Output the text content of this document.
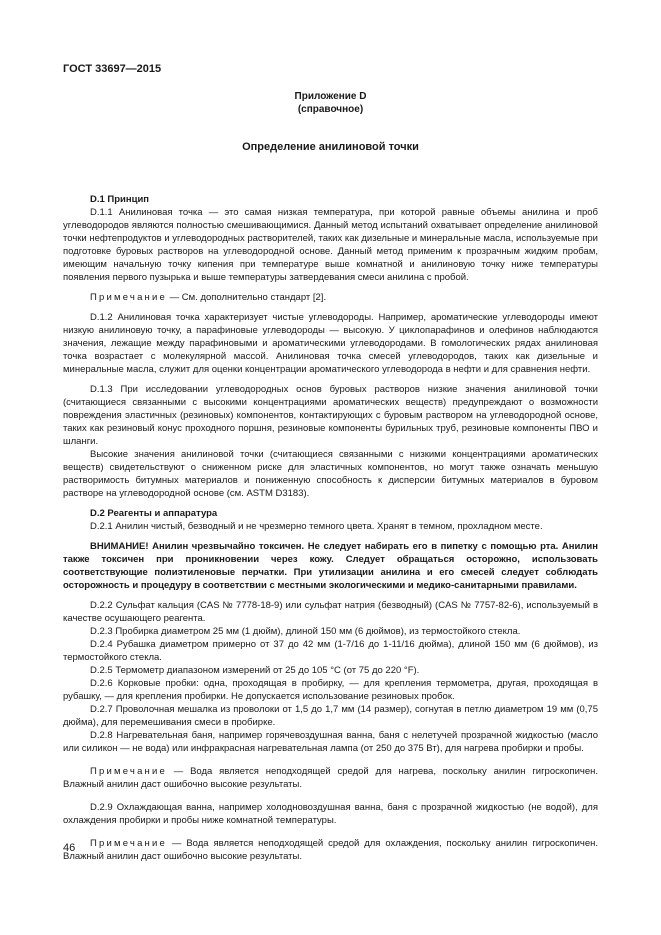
ГОСТ 33697—2015
Приложение D
(справочное)
Определение анилиновой точки
D.1 Принцип

D.1.1 Анилиновая точка — это самая низкая температура, при которой равные объемы анилина и проб углеводородов являются полностью смешивающимися. Данный метод испытаний охватывает определение анилиновой точки нефтепродуктов и углеводородных растворителей, таких как дизельные и минеральные масла, используемые при подготовке буровых растворов на углеводородной основе. Данный метод применим к прозрачным жидким пробам, имеющим начальную точку кипения при температуре выше комнатной и анилиновую точку ниже температуры появления первого пузырька и выше температуры затвердевания смеси анилина с пробой.

Примечание — См. дополнительно стандарт [2].

D.1.2 Анилиновая точка характеризует чистые углеводороды. Например, ароматические углеводороды имеют низкую анилиновую точку, а парафиновые углеводороды — высокую. У циклопарафинов и олефинов наблюдаются значения, лежащие между парафиновыми и ароматическими углеводородами. В гомологических рядах анилиновая точка возрастает с молекулярной массой. Анилиновая точка смесей углеводородов, таких как дизельные и минеральные масла, служит для оценки концентрации ароматического углеводорода в нефти и для сравнения нефти.

D.1.3 При исследовании углеводородных основ буровых растворов низкие значения анилиновой точки (считающиеся связанными с высокими концентрациями ароматических веществ) предупреждают о возможности повреждения эластичных (резиновых) компонентов, контактирующих с буровым раствором на углеводородной основе, таких как резиновый конус проходного поршня, резиновые компоненты бурильных труб, резиновые компоненты ПВО и шланги.

Высокие значения анилиновой точки (считающиеся связанными с низкими концентрациями ароматических веществ) свидетельствуют о сниженном риске для эластичных компонентов, но могут также означать меньшую растворимость битумных материалов и пониженную способность к дисперсии битумных материалов в буровом растворе на углеводородной основе (см. ASTM D3183).

D.2 Реагенты и аппаратура

D.2.1 Анилин чистый, безводный и не чрезмерно темного цвета. Хранят в темном, прохладном месте.

ВНИМАНИЕ! Анилин чрезвычайно токсичен. Не следует набирать его в пипетку с помощью рта. Анилин также токсичен при проникновении через кожу. Следует обращаться осторожно, использовать соответствующие полиэтиленовые перчатки. При утилизации анилина и его смесей следует соблюдать осторожность и процедуру в соответствии с местными экологическими и медико-санитарными правилами.

D.2.2 Сульфат кальция (CAS № 7778-18-9) или сульфат натрия (безводный) (CAS № 7757-82-6), используемый в качестве осушающего реагента.

D.2.3 Пробирка диаметром 25 мм (1 дюйм), длиной 150 мм (6 дюймов), из термостойкого стекла.

D.2.4 Рубашка диаметром примерно от 37 до 42 мм (1-7/16 до 1-11/16 дюйма), длиной 150 мм (6 дюймов), из термостойкого стекла.

D.2.5 Термометр диапазоном измерений от 25 до 105 °C (от 75 до 220 °F).

D.2.6 Корковые пробки: одна, проходящая в пробирку, — для крепления термометра, другая, проходящая в рубашку, — для крепления пробирки. Не допускается использование резиновых пробок.

D.2.7 Проволочная мешалка из проволоки от 1,5 до 1,7 мм (14 размер), согнутая в петлю диаметром 19 мм (0,75 дюйма), для перемешивания смеси в пробирке.

D.2.8 Нагревательная баня, например горячевоздушная ванна, баня с нелетучей прозрачной жидкостью (масло или силикон — не вода) или инфракрасная нагревательная лампа (от 250 до 375 Вт), для нагрева пробирки и пробы.

Примечание — Вода является неподходящей средой для нагрева, поскольку анилин гигроскопичен. Влажный анилин даст ошибочно высокие результаты.

D.2.9 Охлаждающая ванна, например холодновоздушная ванна, баня с прозрачной жидкостью (не водой), для охлаждения пробирки и пробы ниже комнатной температуры.

Примечание — Вода является неподходящей средой для охлаждения, поскольку анилин гигроскопичен. Влажный анилин даст ошибочно высокие результаты.

46
